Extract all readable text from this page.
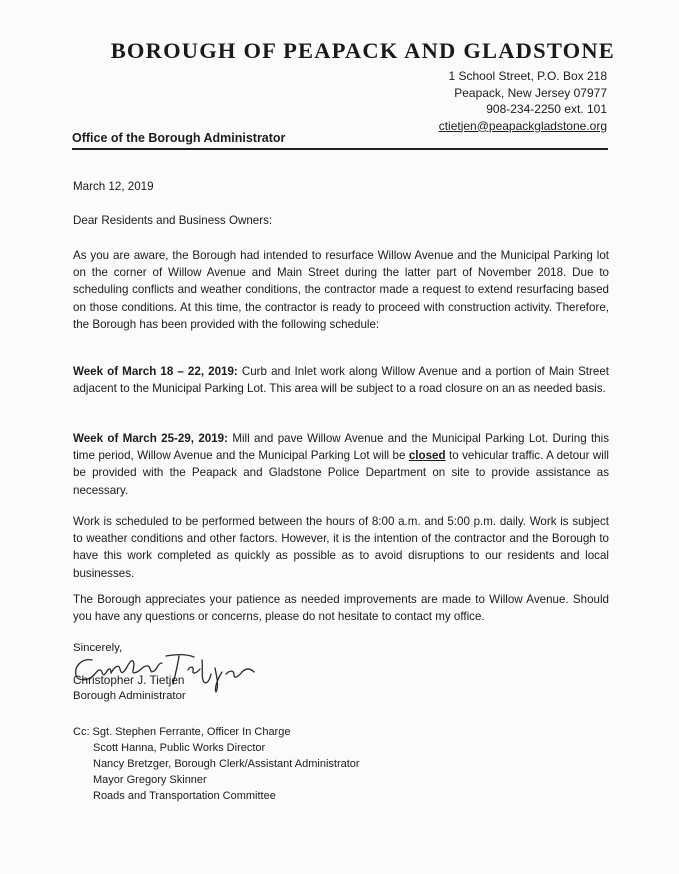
BOROUGH OF PEAPACK AND GLADSTONE
1 School Street, P.O. Box 218
Peapack, New Jersey 07977
908-234-2250 ext. 101
ctietjen@peapackgladstone.org
Office of the Borough Administrator
March 12, 2019
Dear Residents and Business Owners:
As you are aware, the Borough had intended to resurface Willow Avenue and the Municipal Parking lot on the corner of Willow Avenue and Main Street during the latter part of November 2018. Due to scheduling conflicts and weather conditions, the contractor made a request to extend resurfacing based on those conditions. At this time, the contractor is ready to proceed with construction activity. Therefore, the Borough has been provided with the following schedule:
Week of March 18 – 22, 2019: Curb and Inlet work along Willow Avenue and a portion of Main Street adjacent to the Municipal Parking Lot. This area will be subject to a road closure on an as needed basis.
Week of March 25-29, 2019: Mill and pave Willow Avenue and the Municipal Parking Lot. During this time period, Willow Avenue and the Municipal Parking Lot will be closed to vehicular traffic. A detour will be provided with the Peapack and Gladstone Police Department on site to provide assistance as necessary.
Work is scheduled to be performed between the hours of 8:00 a.m. and 5:00 p.m. daily. Work is subject to weather conditions and other factors. However, it is the intention of the contractor and the Borough to have this work completed as quickly as possible as to avoid disruptions to our residents and local businesses.
The Borough appreciates your patience as needed improvements are made to Willow Avenue. Should you have any questions or concerns, please do not hesitate to contact my office.
Sincerely,
Christopher J. Tietjen
Borough Administrator
Cc: Sgt. Stephen Ferrante, Officer In Charge
Scott Hanna, Public Works Director
Nancy Bretzger, Borough Clerk/Assistant Administrator
Mayor Gregory Skinner
Roads and Transportation Committee
